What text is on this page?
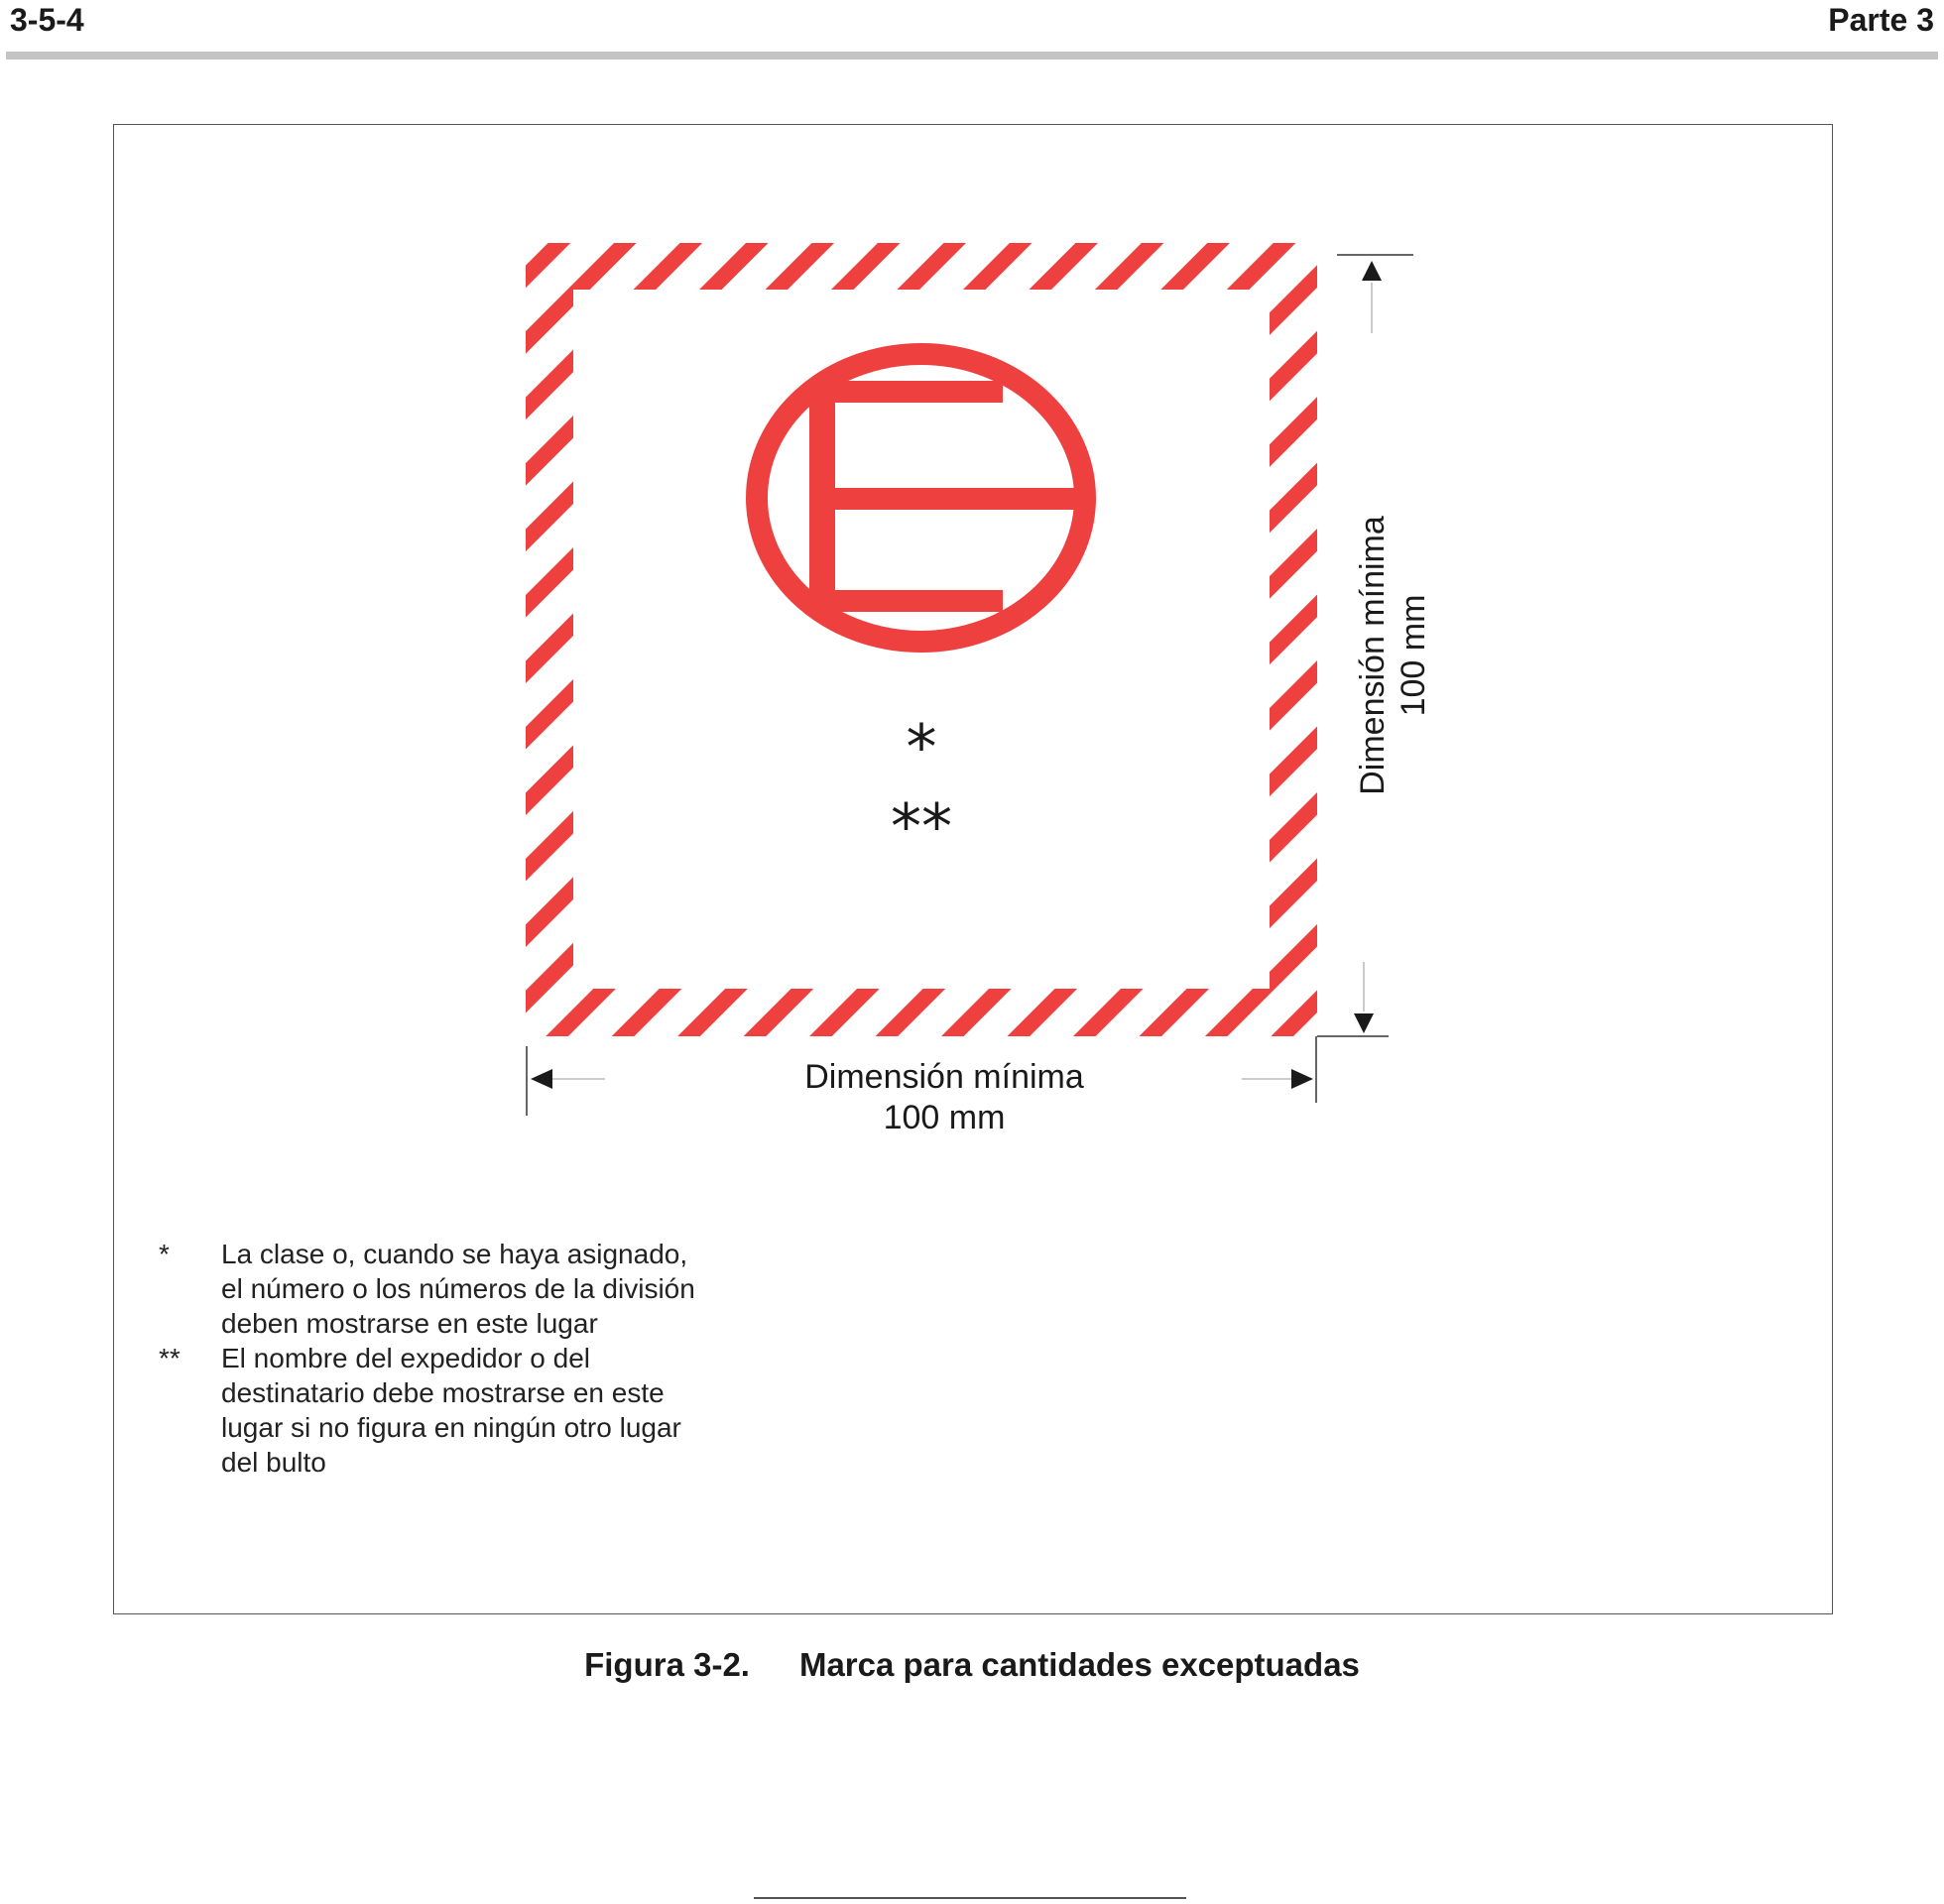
3-5-4	Parte 3
*
**
Dimensión mínima 100 mm
Dimensión mínima
100 mm
*	La clase o, cuando se haya asignado, el número o los números de la división deben mostrarse en este lugar
**	El nombre del expedidor o del destinatario debe mostrarse en este lugar si no figura en ningún otro lugar del bulto
Figura 3-2. Marca para cantidades exceptuadas
